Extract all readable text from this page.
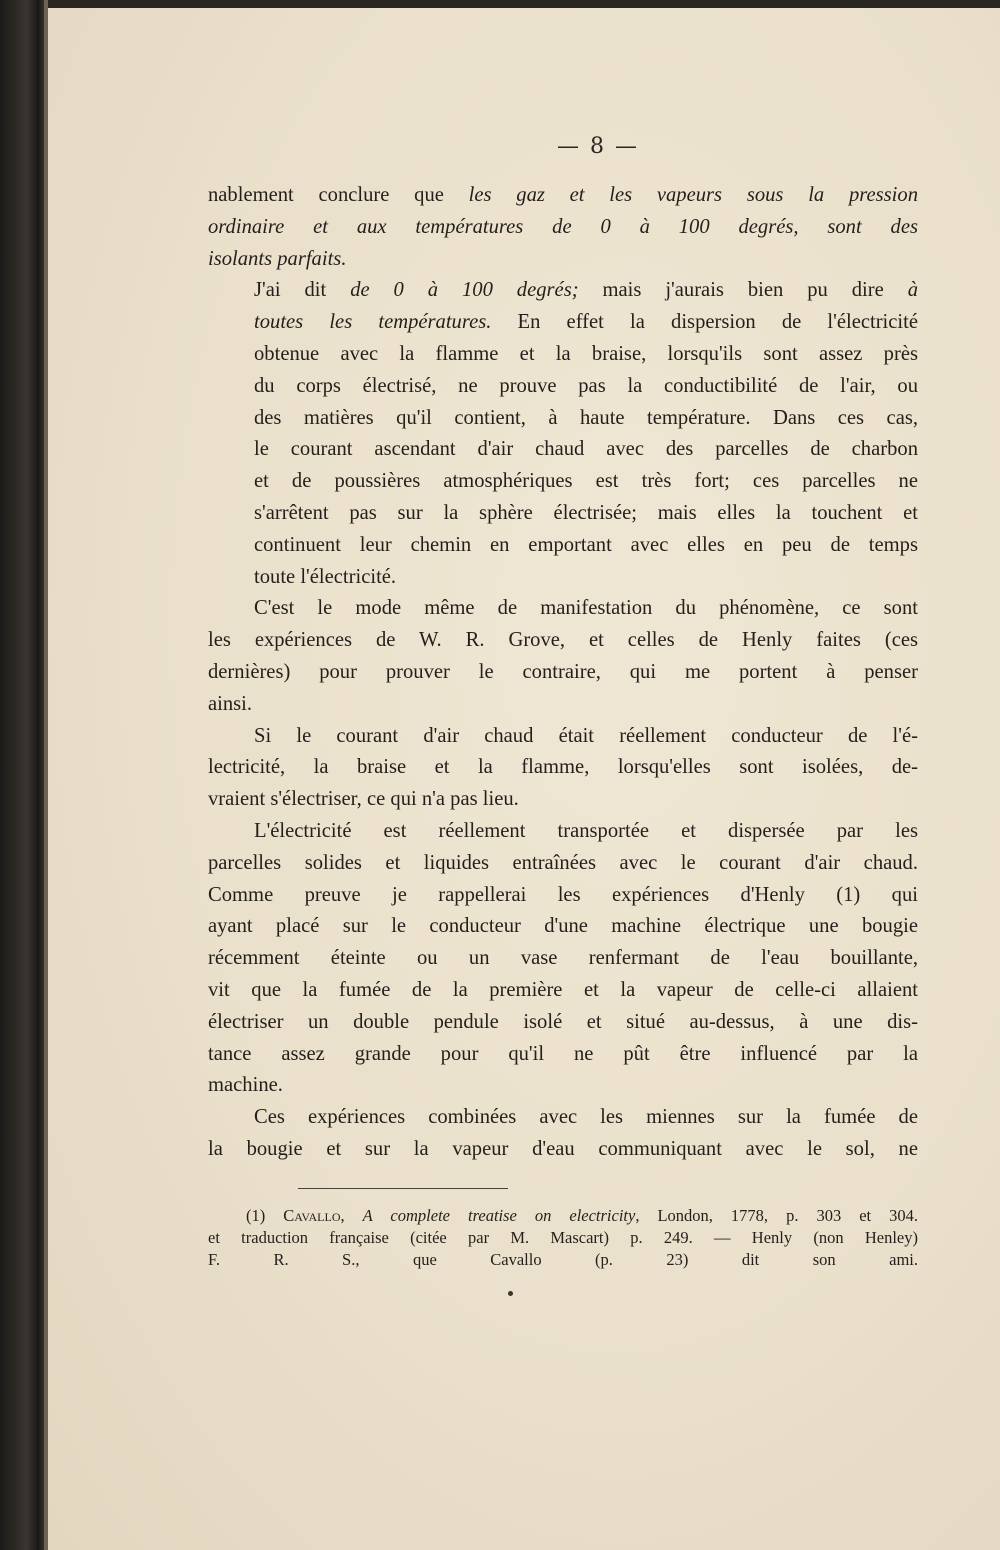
— 8 —

nablement conclure que les gaz et les vapeurs sous la pression
ordinaire et aux températures de 0 à 100 degrés, sont des
isolants parfaits.

J'ai dit de 0 à 100 degrés; mais j'aurais bien pu dire à
toutes les températures. En effet la dispersion de l'électricité
obtenue avec la flamme et la braise, lorsqu'ils sont assez près
du corps électrisé, ne prouve pas la conductibilité de l'air, ou
des matières qu'il contient, à haute température. Dans ces cas,
le courant ascendant d'air chaud avec des parcelles de charbon
et de poussières atmosphériques est très fort; ces parcelles ne
s'arrêtent pas sur la sphère électrisée; mais elles la touchent et
continuent leur chemin en emportant avec elles en peu de temps
toute l'électricité.

C'est le mode même de manifestation du phénomène, ce sont
les expériences de W. R. Grove, et celles de Henly faites (ces
dernières) pour prouver le contraire, qui me portent à penser
ainsi.

Si le courant d'air chaud était réellement conducteur de l'é-
lectricité, la braise et la flamme, lorsqu'elles sont isolées, de-
vraient s'électriser, ce qui n'a pas lieu.

L'électricité est réellement transportée et dispersée par les
parcelles solides et liquides entraînées avec le courant d'air chaud.
Comme preuve je rappellerai les expériences d'Henly (1) qui
ayant placé sur le conducteur d'une machine électrique une bougie
récemment éteinte ou un vase renfermant de l'eau bouillante,
vit que la fumée de la première et la vapeur de celle-ci allaient
électriser un double pendule isolé et situé au-dessus, à une dis-
tance assez grande pour qu'il ne pût être influencé par la
machine.

Ces expériences combinées avec les miennes sur la fumée de
la bougie et sur la vapeur d'eau communiquant avec le sol, ne

(1) Cavallo, A complete treatise on electricity, London, 1778, p. 303 et 304.
et traduction française (citée par M. Mascart) p. 249. — Henly (non Henley)
F. R. S., que Cavallo (p. 23) dit son ami.
